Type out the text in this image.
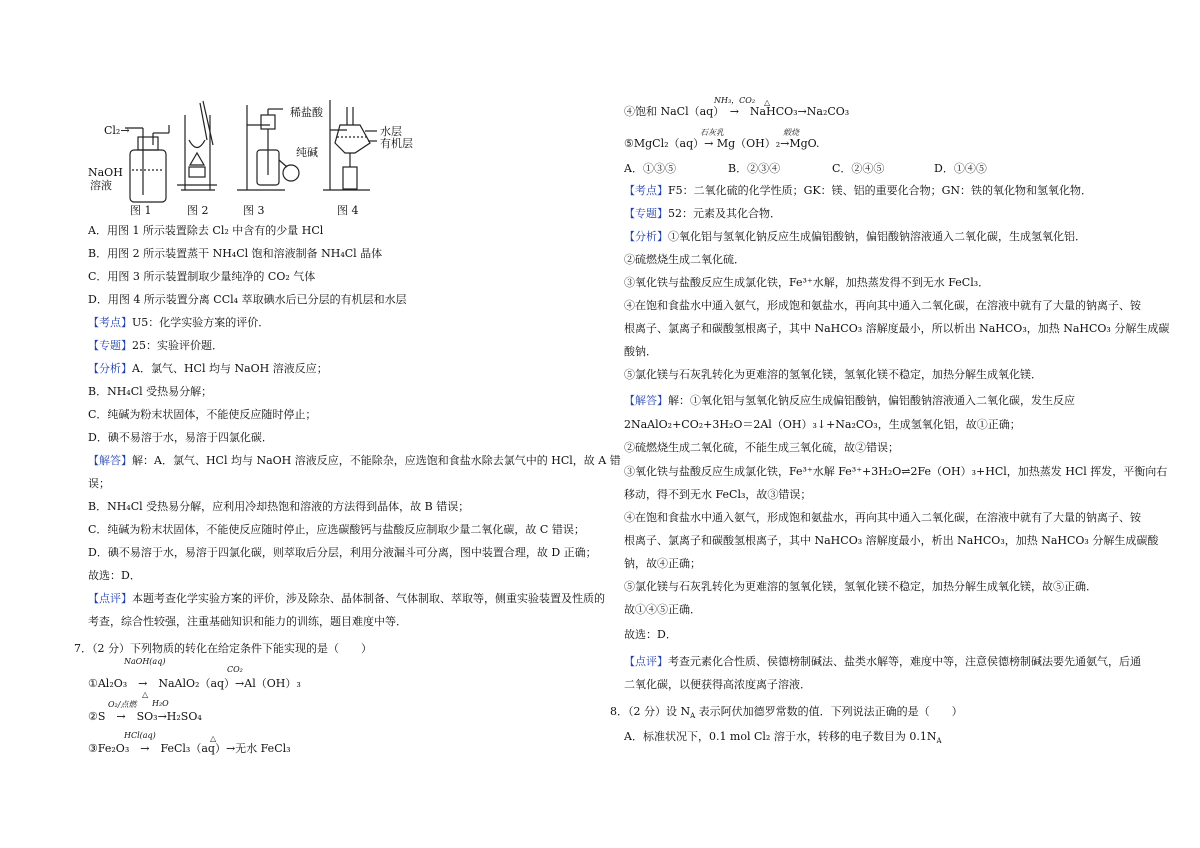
Cl₂→
NaOH
溶液
稀盐酸
纯碱
水层
有机层
图 1	图 2	图 3	图 4
A．用图 1 所示装置除去 Cl₂ 中含有的少量 HCl
B．用图 2 所示装置蒸干 NH₄Cl 饱和溶液制备 NH₄Cl 晶体
C．用图 3 所示装置制取少量纯净的 CO₂ 气体
D．用图 4 所示装置分离 CCl₄ 萃取碘水后已分层的有机层和水层
【考点】U5：化学实验方案的评价．
【专题】25：实验评价题．
【分析】A．氯气、HCl 均与 NaOH 溶液反应；
B．NH₄Cl 受热易分解；
C．纯碱为粉末状固体，不能使反应随时停止；
D．碘不易溶于水，易溶于四氯化碳．
【解答】解：A．氯气、HCl 均与 NaOH 溶液反应，不能除杂，应选饱和食盐水除去氯气中的 HCl，故 A 错
误；
B．NH₄Cl 受热易分解，应利用冷却热饱和溶液的方法得到晶体，故 B 错误；
C．纯碱为粉末状固体，不能使反应随时停止，应选碳酸钙与盐酸反应制取少量二氧化碳，故 C 错误；
D．碘不易溶于水，易溶于四氯化碳，则萃取后分层，利用分液漏斗可分离，图中装置合理，故 D 正确；
故选：D．
【点评】本题考查化学实验方案的评价，涉及除杂、晶体制备、气体制取、萃取等，侧重实验装置及性质的
考查，综合性较强，注重基础知识和能力的训练，题目难度中等．
7．（2 分）下列物质的转化在给定条件下能实现的是（　　）
NaOH(aq)
CO₂
①Al₂O₃　→　NaAlO₂（aq）→Al（OH）₃
△
O₂/点燃 H₂O
②S　→　SO₃→H₂SO₄
HCl(aq)	△
③Fe₂O₃　→　FeCl₃（aq）→无水 FeCl₃
NH₃，CO₂ △
④饱和 NaCl（aq）　→　NaHCO₃→Na₂CO₃
石灰乳	煅烧
⑤MgCl₂（aq）→ Mg（OH）₂→MgO.
A．①③⑤	B．②③④	C．②④⑤	D．①④⑤
【考点】F5：二氧化硫的化学性质；GK：镁、铝的重要化合物；GN：铁的氧化物和氢氧化物．
【专题】52：元素及其化合物．
【分析】①氧化铝与氢氧化钠反应生成偏铝酸钠，偏铝酸钠溶液通入二氧化碳，生成氢氧化铝．
②硫燃烧生成二氧化硫．
③氧化铁与盐酸反应生成氯化铁，Fe³⁺水解，加热蒸发得不到无水 FeCl₃．
④在饱和食盐水中通入氨气，形成饱和氨盐水，再向其中通入二氧化碳，在溶液中就有了大量的钠离子、铵
根离子、氯离子和碳酸氢根离子，其中 NaHCO₃ 溶解度最小，所以析出 NaHCO₃，加热 NaHCO₃ 分解生成碳
酸钠．
⑤氯化镁与石灰乳转化为更难溶的氢氧化镁，氢氧化镁不稳定，加热分解生成氧化镁．
【解答】解：①氧化铝与氢氧化钠反应生成偏铝酸钠，偏铝酸钠溶液通入二氧化碳，发生反应
2NaAlO₂+CO₂+3H₂O＝2Al（OH）₃↓+Na₂CO₃，生成氢氧化铝，故①正确；
②硫燃烧生成二氧化硫，不能生成三氧化硫，故②错误；
③氧化铁与盐酸反应生成氯化铁，Fe³⁺水解 Fe³⁺+3H₂O⇌2Fe（OH）₃+HCl，加热蒸发 HCl 挥发，平衡向右
移动，得不到无水 FeCl₃，故③错误；
④在饱和食盐水中通入氨气，形成饱和氨盐水，再向其中通入二氧化碳，在溶液中就有了大量的钠离子、铵
根离子、氯离子和碳酸氢根离子，其中 NaHCO₃ 溶解度最小，析出 NaHCO₃，加热 NaHCO₃ 分解生成碳酸
钠，故④正确；
⑤氯化镁与石灰乳转化为更难溶的氢氧化镁，氢氧化镁不稳定，加热分解生成氧化镁，故⑤正确．
故①④⑤正确．
故选：D．
【点评】考查元素化合性质、侯德榜制碱法、盐类水解等，难度中等，注意侯德榜制碱法要先通氨气，后通
二氧化碳，以便获得高浓度离子溶液．
8．（2 分）设 $N_A$ 表示阿伏加德罗常数的值．下列说法正确的是（　　）
A．标准状况下，0.1 mol Cl₂ 溶于水，转移的电子数目为 $0.1N_A$
